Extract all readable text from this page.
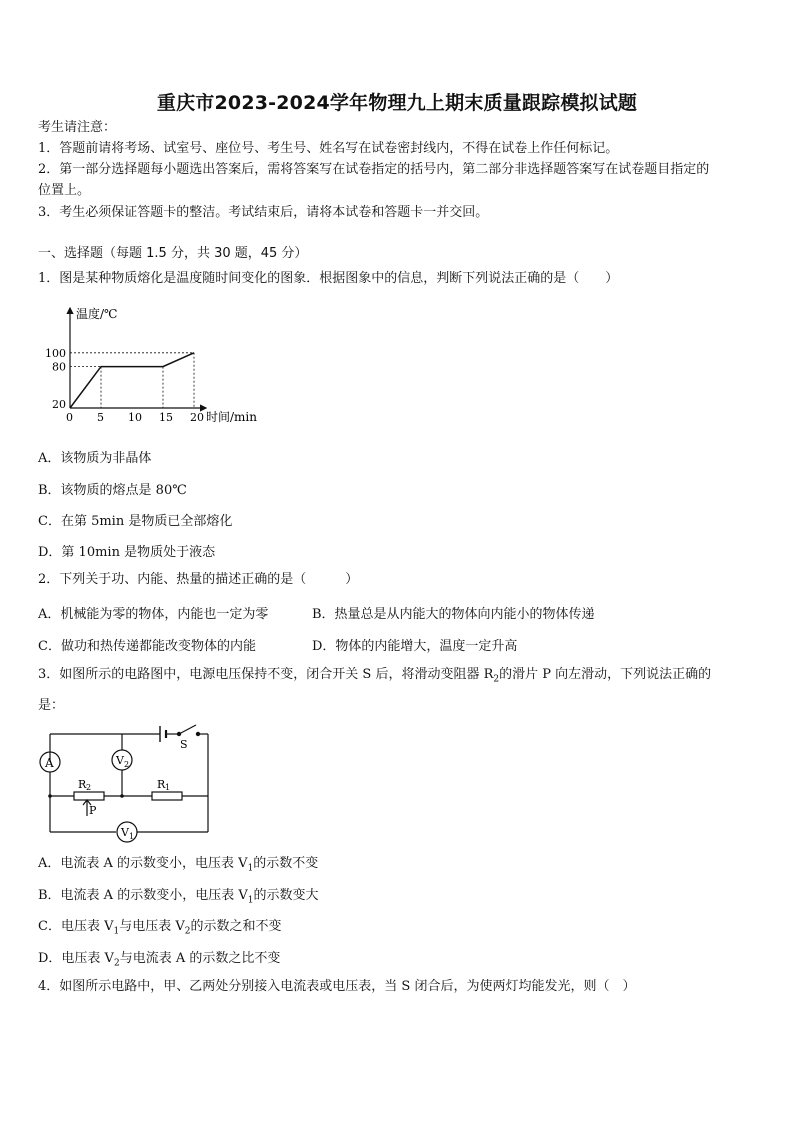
重庆市2023-2024学年物理九上期末质量跟踪模拟试题
考生请注意：
1．答题前请将考场、试室号、座位号、考生号、姓名写在试卷密封线内，不得在试卷上作任何标记。
2．第一部分选择题每小题选出答案后，需将答案写在试卷指定的括号内，第二部分非选择题答案写在试卷题目指定的
位置上。
3．考生必须保证答题卡的整洁。考试结束后，请将本试卷和答题卡一并交回。
一、选择题（每题 1.5 分，共 30 题，45 分）
1．图是某种物质熔化是温度随时间变化的图象．根据图象中的信息，判断下列说法正确的是（　　）
温度/℃
时间/min
0 5 10 15 20
20
80
100
A．该物质为非晶体
B．该物质的熔点是 80℃
C．在第 5min 是物质已全部熔化
D．第 10min 是物质处于液态
2．下列关于功、内能、热量的描述正确的是（　　　）
A．机械能为零的物体，内能也一定为零	B．热量总是从内能大的物体向内能小的物体传递
C．做功和热传递都能改变物体的内能	D．物体的内能增大，温度一定升高
3．如图所示的电路图中，电源电压保持不变，闭合开关 S 后，将滑动变阻器 $R_2$的滑片 P 向左滑动，下列说法正确的
是：
A	V 2
V 1
R 2	R 1
S
P
A．电流表 A 的示数变小，电压表 $V_1$的示数不变
B．电流表 A 的示数变小，电压表 $V_1$的示数变大
C．电压表 $V_1$与电压表 $V_2$的示数之和不变
D．电压表 $V_2$与电流表 A 的示数之比不变
4．如图所示电路中，甲、乙两处分别接入电流表或电压表，当 S 闭合后，为使两灯均能发光，则（　）
